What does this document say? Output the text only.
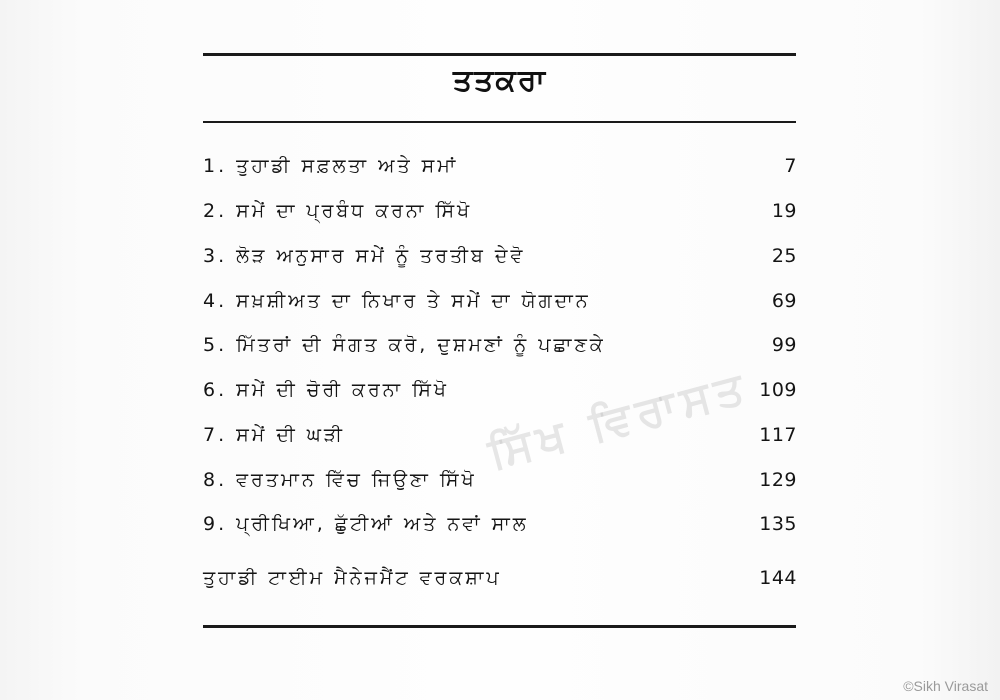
ਤਤਕਰਾ
1. ਤੁਹਾਡੀ ਸਫ਼ਲਤਾ ਅਤੇ ਸਮਾਂ	7
2. ਸਮੇਂ ਦਾ ਪ੍ਰਬੰਧ ਕਰਨਾ ਸਿੱਖੋ	19
3. ਲੋੜ ਅਨੁਸਾਰ ਸਮੇਂ ਨੂੰ ਤਰਤੀਬ ਦੇਵੋ	25
4. ਸਖ਼ਸ਼ੀਅਤ ਦਾ ਨਿਖਾਰ ਤੇ ਸਮੇਂ ਦਾ ਯੋਗਦਾਨ	69
5. ਮਿੱਤਰਾਂ ਦੀ ਸੰਗਤ ਕਰੋ, ਦੁਸ਼ਮਣਾਂ ਨੂੰ ਪਛਾਣਕੇ	99
6. ਸਮੇਂ ਦੀ ਚੋਰੀ ਕਰਨਾ ਸਿੱਖੋ	109
7. ਸਮੇਂ ਦੀ ਘੜੀ	117
8. ਵਰਤਮਾਨ ਵਿੱਚ ਜਿਉਣਾ ਸਿੱਖੋ	129
9. ਪ੍ਰੀਖਿਆ, ਛੁੱਟੀਆਂ ਅਤੇ ਨਵਾਂ ਸਾਲ	135
ਤੁਹਾਡੀ ਟਾਈਮ ਮੈਨੇਜਮੈਂਟ ਵਰਕਸ਼ਾਪ	144
ਸਿੱਖ ਵਿਰਾਸਤ
©Sikh Virasat
